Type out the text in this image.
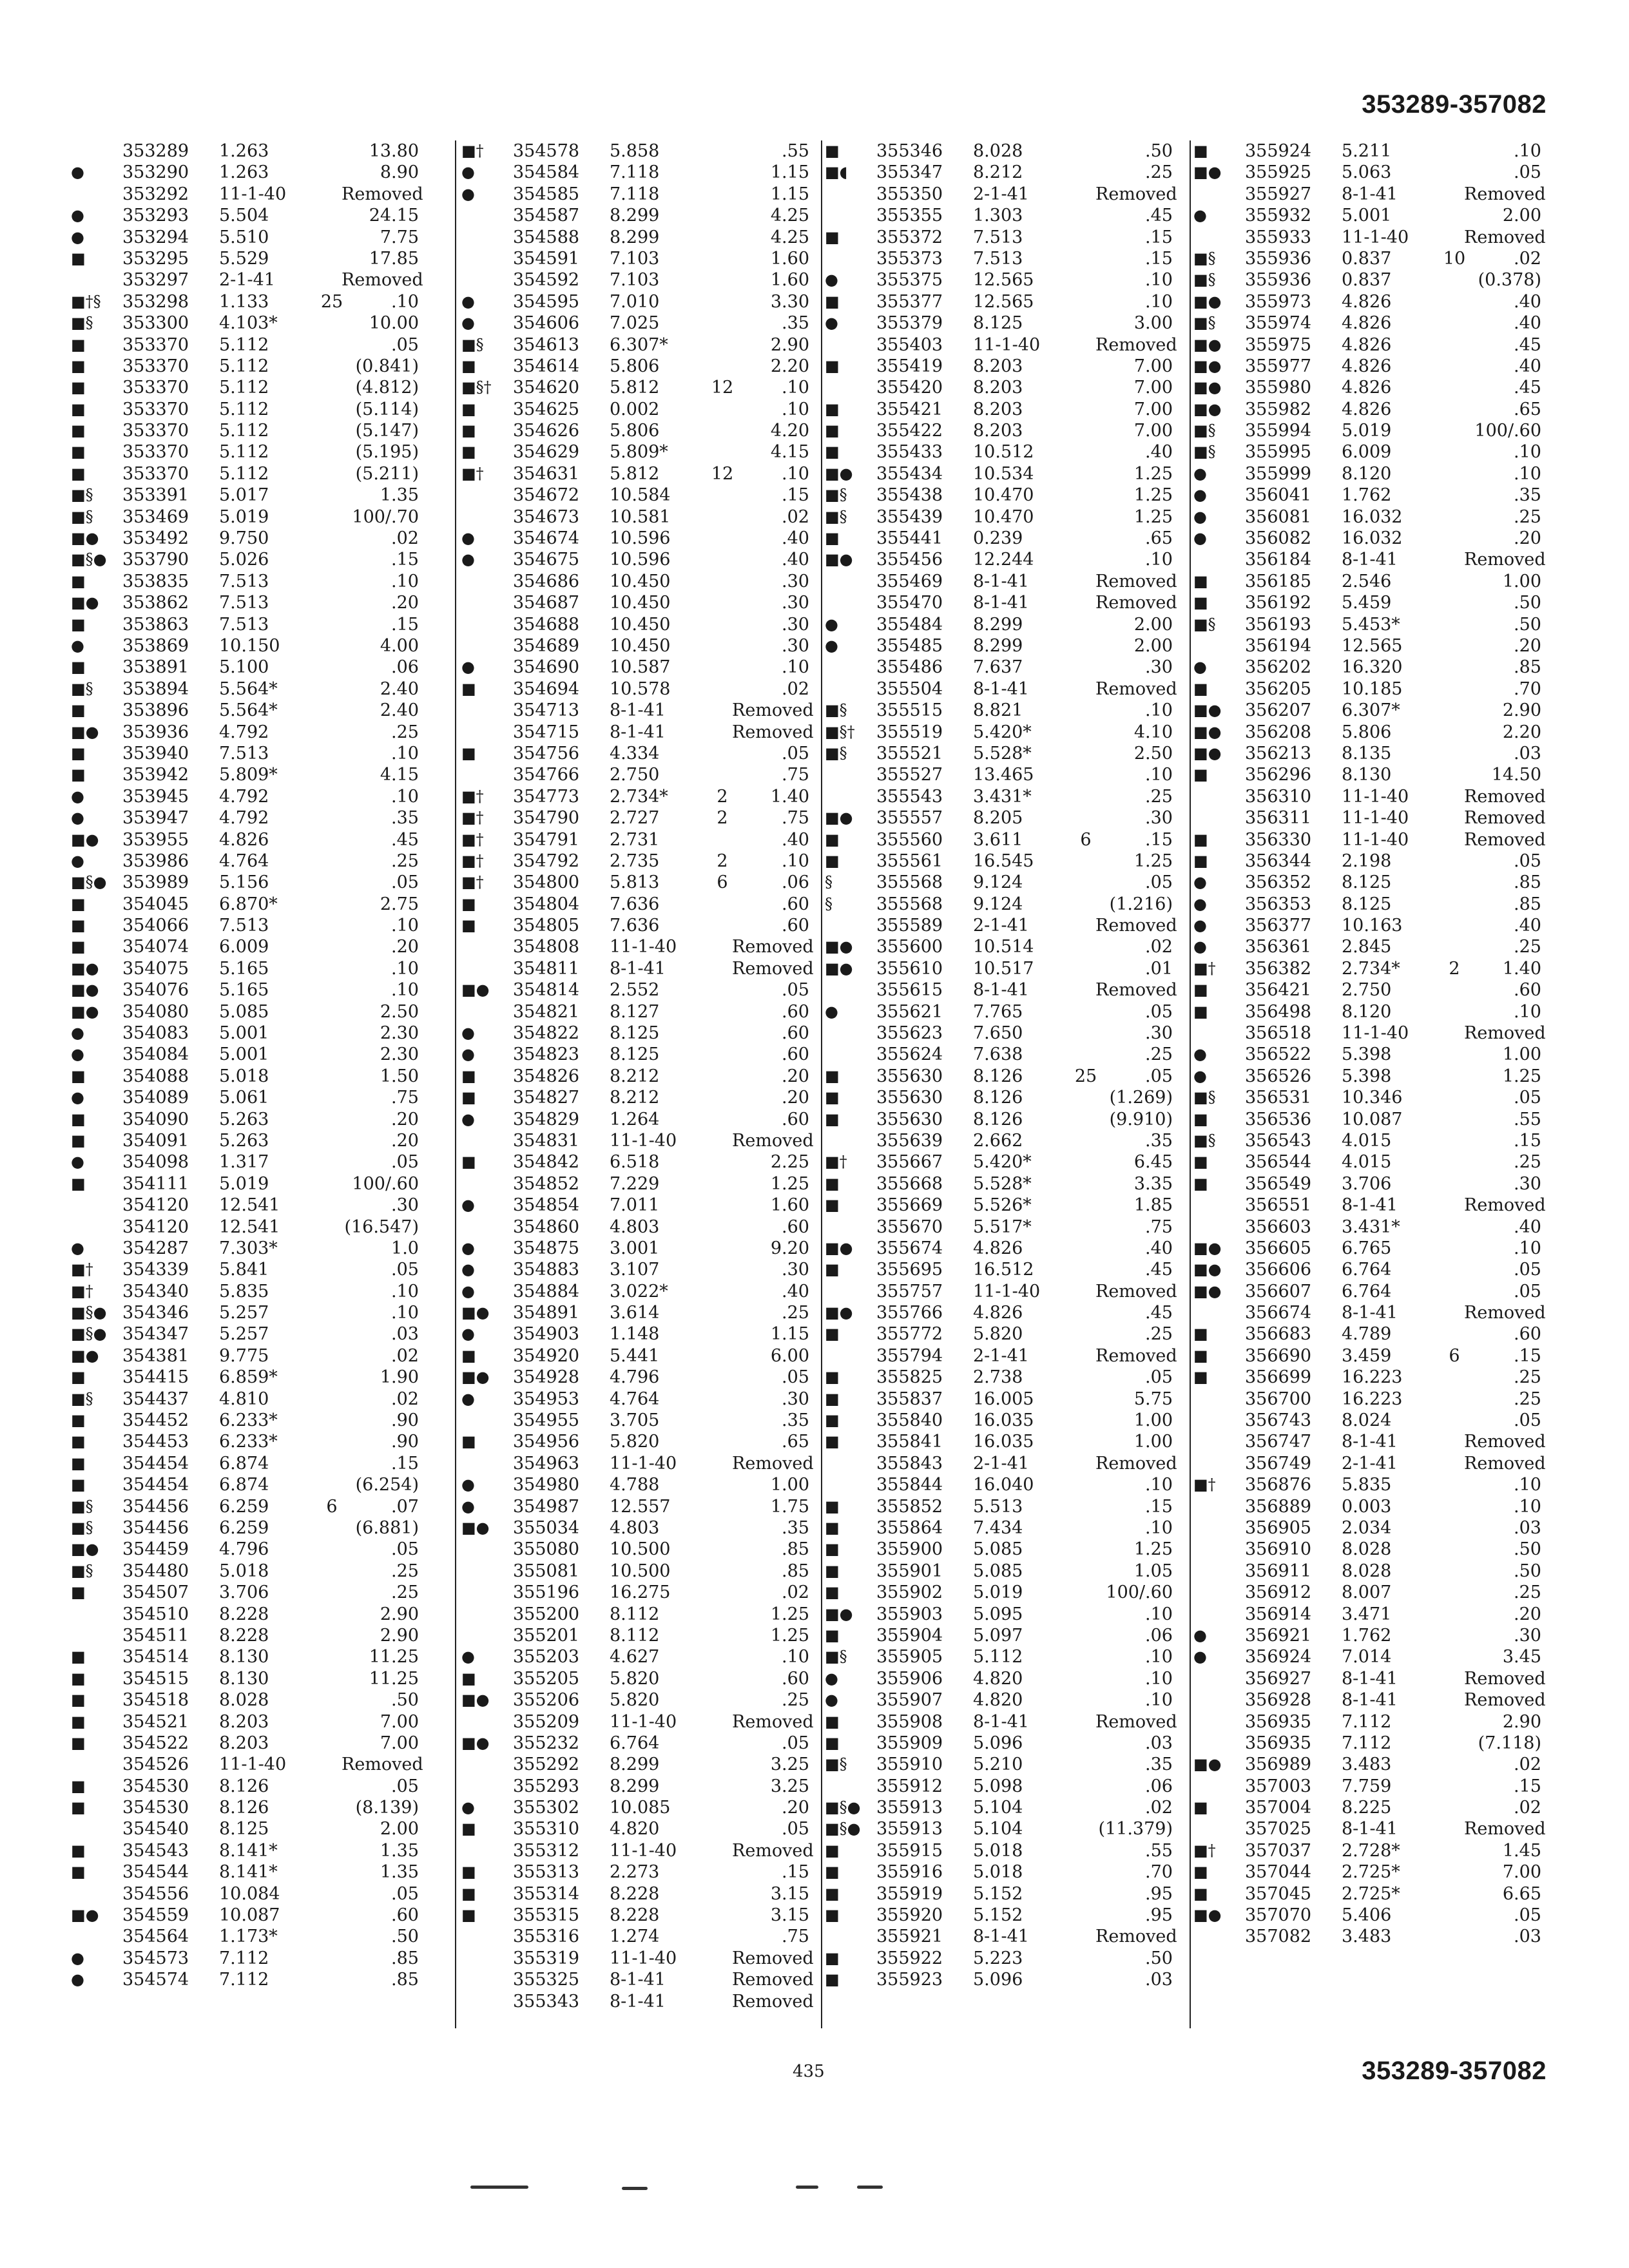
353289-357082
353289	1.263	13.80
●	353290	1.263	8.90
353292	11-1-40	Removed
●	353293	5.504	24.15
●	353294	5.510	7.75
■	353295	5.529	17.85
353297	2-1-41	Removed
■†§	353298	1.133	25	.10
■§	353300	4.103*	10.00
■	353370	5.112	.05
■	353370	5.112	(0.841)
■	353370	5.112	(4.812)
■	353370	5.112	(5.114)
■	353370	5.112	(5.147)
■	353370	5.112	(5.195)
■	353370	5.112	(5.211)
■§	353391	5.017	1.35
■§	353469	5.019	100/.70
■●	353492	9.750	.02
■§● 353790	5.026	.15
■	353835	7.513	.10
■●	353862	7.513	.20
■	353863	7.513	.15
●	353869	10.150	4.00
■	353891	5.100	.06
■§	353894	5.564*	2.40
■	353896	5.564*	2.40
■●	353936	4.792	.25
■	353940	7.513	.10
■	353942	5.809*	4.15
●	353945	4.792	.10
●	353947	4.792	.35
■●	353955	4.826	.45
●	353986	4.764	.25
■§● 353989	5.156	.05
■	354045	6.870*	2.75
■	354066	7.513	.10
■	354074	6.009	.20
■●	354075	5.165	.10
■●	354076	5.165	.10
■●	354080	5.085	2.50
●	354083	5.001	2.30
●	354084	5.001	2.30
■	354088	5.018	1.50
●	354089	5.061	.75
■	354090	5.263	.20
■	354091	5.263	.20
●	354098	1.317	.05
■	354111	5.019	100/.60
354120	12.541	.30
354120	12.541	(16.547)
●	354287	7.303*	1.0
■†	354339	5.841	.05
■†	354340	5.835	.10
■§● 354346	5.257	.10
■§● 354347	5.257	.03
■●	354381	9.775	.02
■	354415	6.859*	1.90
■§	354437	4.810	.02
■	354452	6.233*	.90
■	354453	6.233*	.90
■	354454	6.874	.15
■	354454	6.874	(6.254)
■§	354456	6.259	6	.07
■§	354456	6.259	(6.881)
■●	354459	4.796	.05
■§	354480	5.018	.25
■	354507	3.706	.25
354510	8.228	2.90
354511	8.228	2.90
■	354514	8.130	11.25
■	354515	8.130	11.25
■	354518	8.028	.50
■	354521	8.203	7.00
■	354522	8.203	7.00
354526	11-1-40	Removed
■	354530	8.126	.05
■	354530	8.126	(8.139)
354540	8.125	2.00
■	354543	8.141*	1.35
■	354544	8.141*	1.35
354556	10.084	.05
■●	354559	10.087	.60
354564	1.173*	.50
●	354573	7.112	.85
●	354574	7.112	.85
■†	354578	5.858	.55
●	354584	7.118	1.15
●	354585	7.118	1.15
354587	8.299	4.25
354588	8.299	4.25
354591	7.103	1.60
354592	7.103	1.60
●	354595	7.010	3.30
●	354606	7.025	.35
■§	354613	6.307*	2.90
■	354614	5.806	2.20
■§†	354620	5.812	12	.10
■	354625	0.002	.10
■	354626	5.806	4.20
■	354629	5.809*	4.15
■†	354631	5.812	12	.10
354672	10.584	.15
354673	10.581	.02
●	354674	10.596	.40
●	354675	10.596	.40
354686	10.450	.30
354687	10.450	.30
354688	10.450	.30
354689	10.450	.30
●	354690	10.587	.10
■	354694	10.578	.02
354713	8-1-41	Removed
354715	8-1-41	Removed
■	354756	4.334	.05
354766	2.750	.75
■†	354773	2.734*	2	1.40
■†	354790	2.727	2	.75
■†	354791	2.731	.40
■†	354792	2.735	2	.10
■†	354800	5.813	6	.06
■	354804	7.636	.60
■	354805	7.636	.60
354808	11-1-40	Removed
354811	8-1-41	Removed
■●	354814	2.552	.05
354821	8.127	.60
●	354822	8.125	.60
●	354823	8.125	.60
■	354826	8.212	.20
■	354827	8.212	.20
●	354829	1.264	.60
354831	11-1-40	Removed
■	354842	6.518	2.25
354852	7.229	1.25
●	354854	7.011	1.60
354860	4.803	.60
●	354875	3.001	9.20
●	354883	3.107	.30
●	354884	3.022*	.40
■●	354891	3.614	.25
●	354903	1.148	1.15
■	354920	5.441	6.00
■●	354928	4.796	.05
●	354953	4.764	.30
354955	3.705	.35
■	354956	5.820	.65
354963	11-1-40	Removed
●	354980	4.788	1.00
●	354987	12.557	1.75
■●	355034	4.803	.35
355080	10.500	.85
355081	10.500	.85
355196	16.275	.02
355200	8.112	1.25
355201	8.112	1.25
●	355203	4.627	.10
■	355205	5.820	.60
■●	355206	5.820	.25
355209	11-1-40	Removed
■●	355232	6.764	.05
355292	8.299	3.25
355293	8.299	3.25
●	355302	10.085	.20
■	355310	4.820	.05
355312	11-1-40	Removed
■	355313	2.273	.15
■	355314	8.228	3.15
■	355315	8.228	3.15
355316	1.274	.75
355319	11-1-40	Removed
355325	8-1-41	Removed
355343	8-1-41	Removed
■	355346	8.028	.50
■◖	355347	8.212	.25
355350	2-1-41	Removed
355355	1.303	.45
■	355372	7.513	.15
355373	7.513	.15
●	355375	12.565	.10
■	355377	12.565	.10
●	355379	8.125	3.00
355403	11-1-40	Removed
■	355419	8.203	7.00
355420	8.203	7.00
■	355421	8.203	7.00
■	355422	8.203	7.00
■	355433	10.512	.40
■●	355434	10.534	1.25
■§	355438	10.470	1.25
■§	355439	10.470	1.25
■	355441	0.239	.65
■●	355456	12.244	.10
355469	8-1-41	Removed
355470	8-1-41	Removed
●	355484	8.299	2.00
●	355485	8.299	2.00
355486	7.637	.30
355504	8-1-41	Removed
■§	355515	8.821	.10
■§†	355519	5.420*	4.10
■§	355521	5.528*	2.50
355527	13.465	.10
355543	3.431*	.25
■●	355557	8.205	.30
■	355560	3.611	6	.15
■	355561	16.545	1.25
§	355568	9.124	.05
§	355568	9.124	(1.216)
355589	2-1-41	Removed
■●	355600	10.514	.02
■●	355610	10.517	.01
355615	8-1-41	Removed
●	355621	7.765	.05
355623	7.650	.30
355624	7.638	.25
■	355630	8.126	25	.05
■	355630	8.126	(1.269)
■	355630	8.126	(9.910)
355639	2.662	.35
■†	355667	5.420*	6.45
■	355668	5.528*	3.35
■	355669	5.526*	1.85
355670	5.517*	.75
■●	355674	4.826	.40
■	355695	16.512	.45
355757	11-1-40	Removed
■●	355766	4.826	.45
■	355772	5.820	.25
355794	2-1-41	Removed
■	355825	2.738	.05
■	355837	16.005	5.75
■	355840	16.035	1.00
■	355841	16.035	1.00
355843	2-1-41	Removed
355844	16.040	.10
■	355852	5.513	.15
■	355864	7.434	.10
■	355900	5.085	1.25
■	355901	5.085	1.05
■	355902	5.019	100/.60
■●	355903	5.095	.10
■	355904	5.097	.06
■§	355905	5.112	.10
●	355906	4.820	.10
●	355907	4.820	.10
■	355908	8-1-41	Removed
■	355909	5.096	.03
■§	355910	5.210	.35
355912	5.098	.06
■§● 355913	5.104	.02
■§● 355913	5.104	(11.379)
■	355915	5.018	.55
■	355916	5.018	.70
■	355919	5.152	.95
■	355920	5.152	.95
355921	8-1-41	Removed
■	355922	5.223	.50
■	355923	5.096	.03
■	355924	5.211	.10
■●	355925	5.063	.05
355927	8-1-41	Removed
●	355932	5.001	2.00
355933	11-1-40	Removed
■§	355936	0.837	10	.02
■§	355936	0.837	(0.378)
■●	355973	4.826	.40
■§	355974	4.826	.40
■●	355975	4.826	.45
■●	355977	4.826	.40
■●	355980	4.826	.45
■●	355982	4.826	.65
■§	355994	5.019	100/.60
■§	355995	6.009	.10
●	355999	8.120	.10
●	356041	1.762	.35
●	356081	16.032	.25
●	356082	16.032	.20
356184	8-1-41	Removed
■	356185	2.546	1.00
■	356192	5.459	.50
■§	356193	5.453*	.50
356194	12.565	.20
●	356202	16.320	.85
■	356205	10.185	.70
■●	356207	6.307*	2.90
■●	356208	5.806	2.20
■●	356213	8.135	.03
■	356296	8.130	14.50
356310	11-1-40	Removed
356311	11-1-40	Removed
■	356330	11-1-40	Removed
■	356344	2.198	.05
●	356352	8.125	.85
●	356353	8.125	.85
●	356377	10.163	.40
●	356361	2.845	.25
■†	356382	2.734*	2	1.40
■	356421	2.750	.60
■	356498	8.120	.10
356518	11-1-40	Removed
●	356522	5.398	1.00
●	356526	5.398	1.25
■§	356531	10.346	.05
■	356536	10.087	.55
■§	356543	4.015	.15
■	356544	4.015	.25
■	356549	3.706	.30
356551	8-1-41	Removed
356603	3.431*	.40
■●	356605	6.765	.10
■●	356606	6.764	.05
■●	356607	6.764	.05
356674	8-1-41	Removed
■	356683	4.789	.60
■	356690	3.459	6	.15
■	356699	16.223	.25
356700	16.223	.25
356743	8.024	.05
356747	8-1-41	Removed
356749	2-1-41	Removed
■†	356876	5.835	.10
356889	0.003	.10
356905	2.034	.03
356910	8.028	.50
356911	8.028	.50
356912	8.007	.25
356914	3.471	.20
●	356921	1.762	.30
●	356924	7.014	3.45
356927	8-1-41	Removed
356928	8-1-41	Removed
356935	7.112	2.90
356935	7.112	(7.118)
■●	356989	3.483	.02
357003	7.759	.15
■	357004	8.225	.02
357025	8-1-41	Removed
■†	357037	2.728*	1.45
■	357044	2.725*	7.00
■	357045	2.725*	6.65
■●	357070	5.406	.05
357082	3.483	.03
435	353289-357082
